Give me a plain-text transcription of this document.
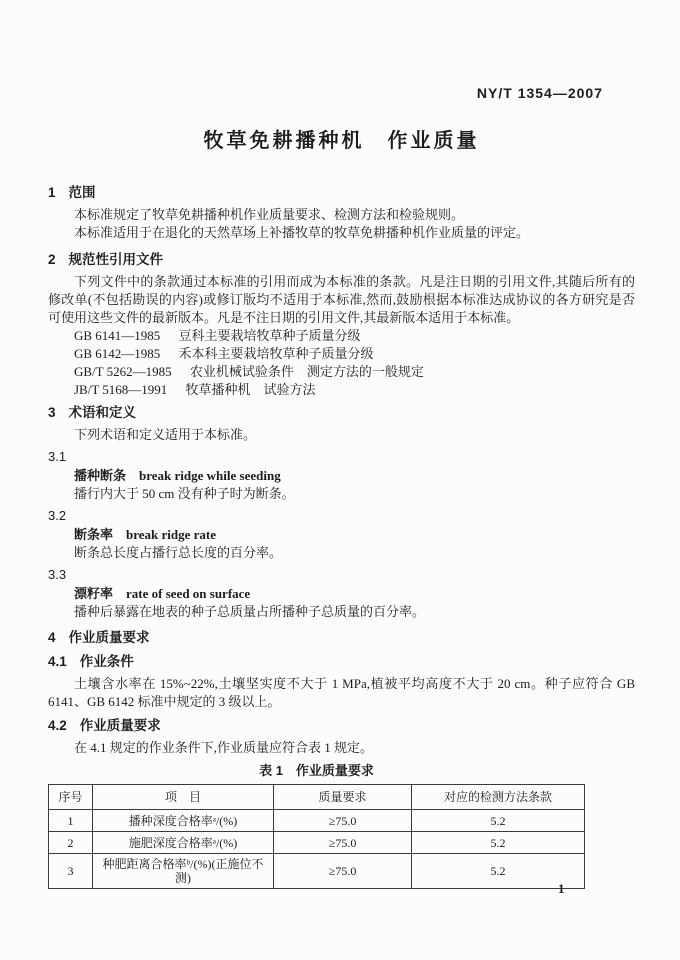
NY/T 1354—2007
牧草免耕播种机　作业质量
1 范围

本标准规定了牧草免耕播种机作业质量要求、检测方法和检验规则。

本标准适用于在退化的天然草场上补播牧草的牧草免耕播种机作业质量的评定。

2 规范性引用文件

下列文件中的条款通过本标准的引用而成为本标准的条款。凡是注日期的引用文件,其随后所有的修改单(不包括勘误的内容)或修订版均不适用于本标准,然而,鼓励根据本标准达成协议的各方研究是否可使用这些文件的最新版本。凡是不注日期的引用文件,其最新版本适用于本标准。

GB 6141—1985 豆科主要栽培牧草种子质量分级
GB 6142—1985 禾本科主要栽培牧草种子质量分级
GB/T 5262—1985 农业机械试验条件　测定方法的一般规定
JB/T 5168—1991 牧草播种机　试验方法
3 术语和定义

下列术语和定义适用于本标准。

3.1
播种断条 break ridge while seeding
播行内大于 50 cm 没有种子时为断条。
3.2
断条率 break ridge rate
断条总长度占播行总长度的百分率。
3.3
漂籽率 rate of seed on surface
播种后暴露在地表的种子总质量占所播种子总质量的百分率。
4 作业质量要求
4.1 作业条件

土壤含水率在 15%~22%,土壤坚实度不大于 1 MPa,植被平均高度不大于 20 cm。种子应符合 GB 6141、GB 6142 标准中规定的 3 级以上。

4.2 作业质量要求

在 4.1 规定的作业条件下,作业质量应符合表 1 规定。

表 1　作业质量要求
序号	项　目	质量要求	对应的检测方法条款
1	播种深度合格率ᵃ/(%)	≥75.0	5.2
2	施肥深度合格率ᵃ/(%)	≥75.0	5.2
3	种肥距离合格率ᵇ/(%)(正施位不测)	≥75.0	5.2
1
